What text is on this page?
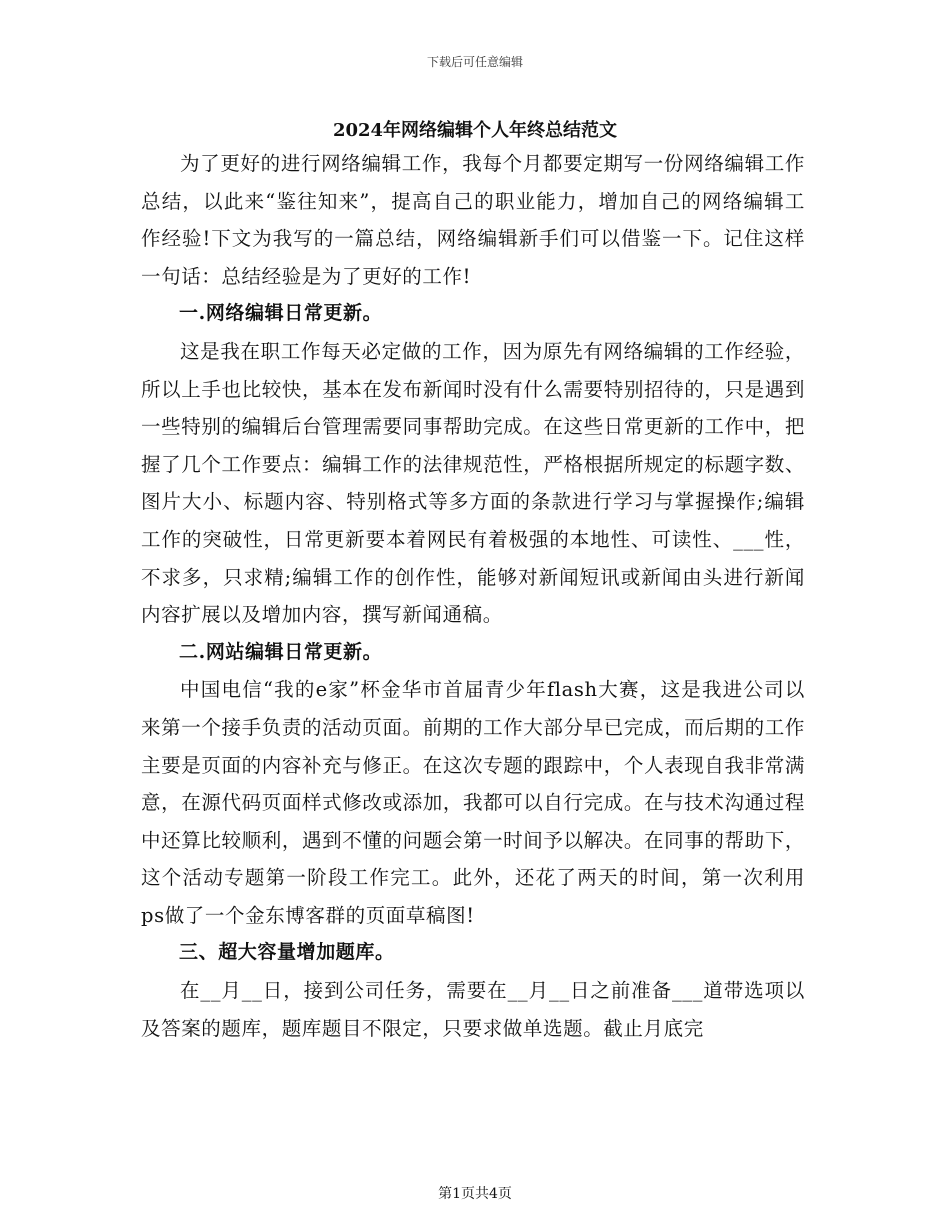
下载后可任意编辑
2024年网络编辑个人年终总结范文

为了更好的进行网络编辑工作，我每个月都要定期写一份网络编辑工作总结，以此来“鉴往知来”，提高自己的职业能力，增加自己的网络编辑工作经验!下文为我写的一篇总结，网络编辑新手们可以借鉴一下。记住这样一句话：总结经验是为了更好的工作!

一.网络编辑日常更新。

这是我在职工作每天必定做的工作，因为原先有网络编辑的工作经验，所以上手也比较快，基本在发布新闻时没有什么需要特别招待的，只是遇到一些特别的编辑后台管理需要同事帮助完成。在这些日常更新的工作中，把握了几个工作要点：编辑工作的法律规范性，严格根据所规定的标题字数、图片大小、标题内容、特别格式等多方面的条款进行学习与掌握操作;编辑工作的突破性，日常更新要本着网民有着极强的本地性、可读性、___性，不求多，只求精;编辑工作的创作性，能够对新闻短讯或新闻由头进行新闻内容扩展以及增加内容，撰写新闻通稿。

二.网站编辑日常更新。

中国电信“我的e家”杯金华市首届青少年flash大赛，这是我进公司以来第一个接手负责的活动页面。前期的工作大部分早已完成，而后期的工作主要是页面的内容补充与修正。在这次专题的跟踪中，个人表现自我非常满意，在源代码页面样式修改或添加，我都可以自行完成。在与技术沟通过程中还算比较顺利，遇到不懂的问题会第一时间予以解决。在同事的帮助下，这个活动专题第一阶段工作完工。此外，还花了两天的时间，第一次利用ps做了一个金东博客群的页面草稿图!

三、超大容量增加题库。

在__月__日，接到公司任务，需要在__月__日之前准备___道带选项以及答案的题库，题库题目不限定，只要求做单选题。截止月底完

第1页共4页
